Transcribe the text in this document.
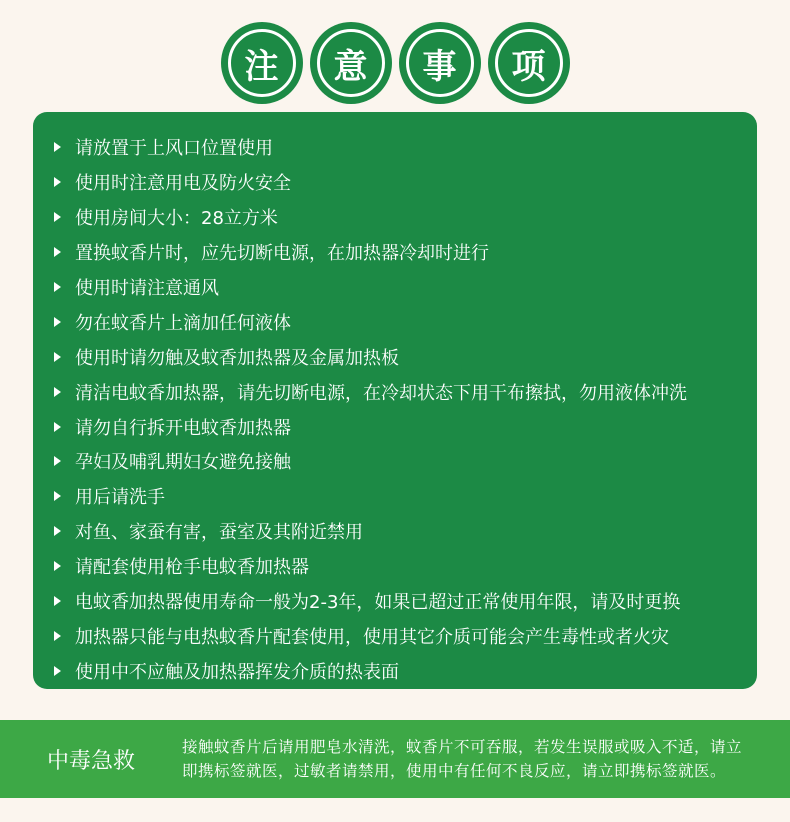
注	意	事	项
请放置于上风口位置使用
使用时注意用电及防火安全
使用房间大小：28立方米
置换蚊香片时，应先切断电源，在加热器冷却时进行
使用时请注意通风
勿在蚊香片上滴加任何液体
使用时请勿触及蚊香加热器及金属加热板
清洁电蚊香加热器，请先切断电源，在冷却状态下用干布擦拭，勿用液体冲洗
请勿自行拆开电蚊香加热器
孕妇及哺乳期妇女避免接触
用后请洗手
对鱼、家蚕有害，蚕室及其附近禁用
请配套使用枪手电蚊香加热器
电蚊香加热器使用寿命一般为2-3年，如果已超过正常使用年限，请及时更换
加热器只能与电热蚊香片配套使用，使用其它介质可能会产生毒性或者火灾
使用中不应触及加热器挥发介质的热表面
中毒急救
接触蚊香片后请用肥皂水清洗，蚊香片不可吞服，若发生误服或吸入不适，请立即携标签就医，过敏者请禁用，使用中有任何不良反应，请立即携标签就医。
